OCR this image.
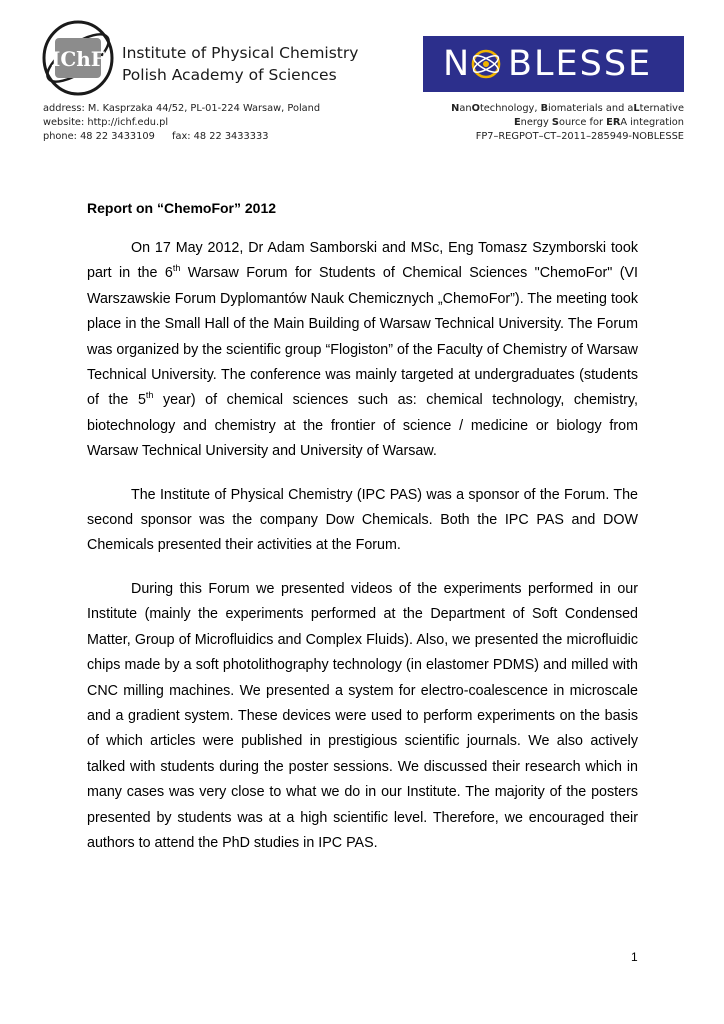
IChF Institute of Physical Chemistry
Polish Academy of Sciences	N BLESSE
address: M. Kasprzaka 44/52, PL-01-224 Warsaw, Poland
website: http://ichf.edu.pl
phone: 48 22 3433109 fax: 48 22 3433333
NanOtechnology, Biomaterials and aLternative
Energy Source for ERA integration
FP7–REGPOT–CT–2011–285949-NOBLESSE
Report on “ChemoFor” 2012

On 17 May 2012, Dr Adam Samborski and MSc, Eng Tomasz Szymborski took part in the 6th Warsaw Forum for Students of Chemical Sciences "ChemoFor" (VI Warszawskie Forum Dyplomantów Nauk Chemicznych „ChemoFor”). The meeting took place in the Small Hall of the Main Building of Warsaw Technical University. The Forum was organized by the scientific group “Flogiston” of the Faculty of Chemistry of Warsaw Technical University. The conference was mainly targeted at undergraduates (students of the 5th year) of chemical sciences such as: chemical technology, chemistry, biotechnology and chemistry at the frontier of science / medicine or biology from Warsaw Technical University and University of Warsaw.

The Institute of Physical Chemistry (IPC PAS) was a sponsor of the Forum. The second sponsor was the company Dow Chemicals. Both the IPC PAS and DOW Chemicals presented their activities at the Forum.

During this Forum we presented videos of the experiments performed in our Institute (mainly the experiments performed at the Department of Soft Condensed Matter, Group of Microfluidics and Complex Fluids). Also, we presented the microfluidic chips made by a soft photolithography technology (in elastomer PDMS) and milled with CNC milling machines. We presented a system for electro-coalescence in microscale and a gradient system. These devices were used to perform experiments on the basis of which articles were published in prestigious scientific journals. We also actively talked with students during the poster sessions. We discussed their research which in many cases was very close to what we do in our Institute. The majority of the posters presented by students was at a high scientific level. Therefore, we encouraged their authors to attend the PhD studies in IPC PAS.

1
